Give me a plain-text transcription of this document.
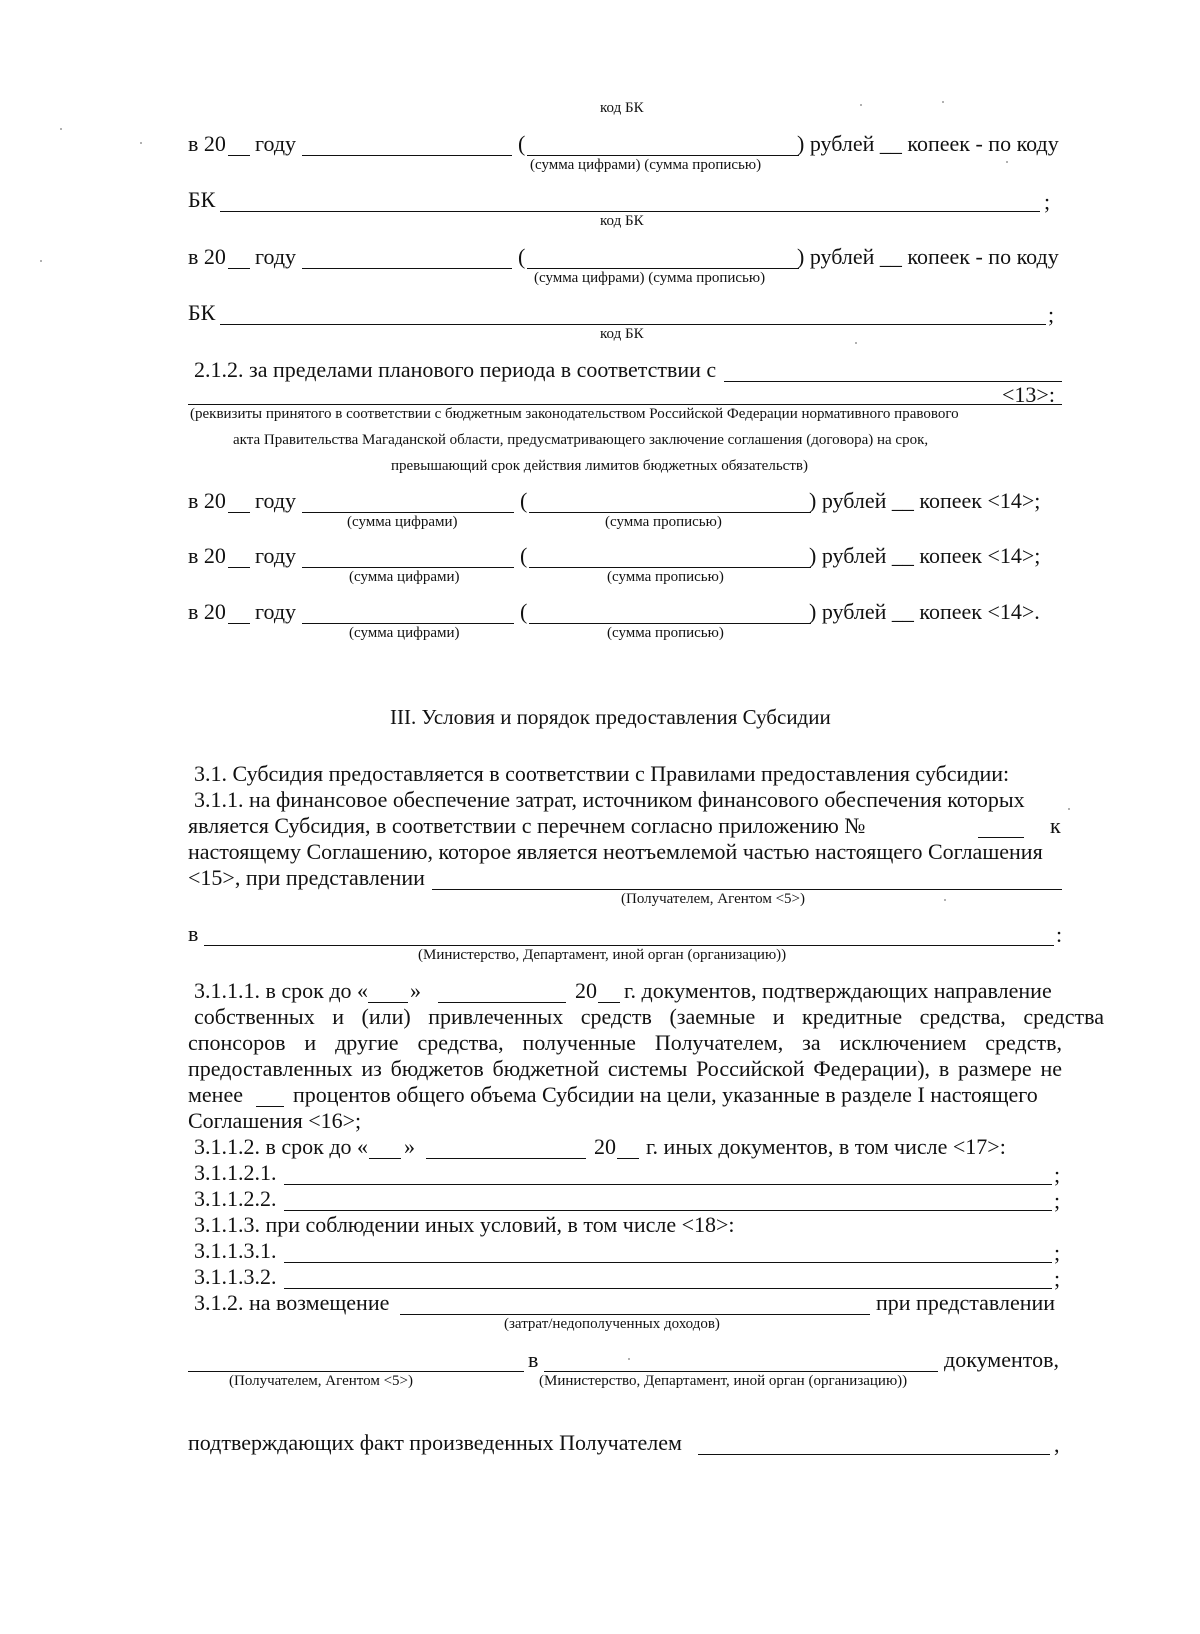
код БК
в 20 году	(	) рублей __ копеек - по коду
(сумма цифрами) (сумма прописью)
БК	;
код БК
в 20 году	(	) рублей __ копеек - по коду
(сумма цифрами) (сумма прописью)
БК	;
код БК
2.1.2. за пределами планового периода в соответствии с
<13>:
(реквизиты принятого в соответствии с бюджетным законодательством Российской Федерации нормативного правового
акта Правительства Магаданской области, предусматривающего заключение соглашения (договора) на срок,
превышающий срок действия лимитов бюджетных обязательств)
в 20 году	(	) рублей __ копеек <14>;
(сумма цифрами)	(сумма прописью)
в 20 году	(	) рублей __ копеек <14>;
(сумма цифрами)	(сумма прописью)
в 20 году	(	) рублей __ копеек <14>.
(сумма цифрами)	(сумма прописью)
III. Условия и порядок предоставления Субсидии
3.1. Субсидия предоставляется в соответствии с Правилами предоставления субсидии:
3.1.1. на финансовое обеспечение затрат, источником финансового обеспечения которых
является Субсидия, в соответствии с перечнем согласно приложению №	к
настоящему Соглашению, которое является неотъемлемой частью настоящего Соглашения
<15>, при представлении
(Получателем, Агентом <5>)
в	:
(Министерство, Департамент, иной орган (организацию))
3.1.1.1. в срок до « »	20 г. документов, подтверждающих направление
собственных и (или) привлеченных средств (заемные и кредитные средства, средства
спонсоров и другие средства, полученные Получателем, за исключением средств,
предоставленных из бюджетов бюджетной системы Российской Федерации), в размере не
менее процентов общего объема Субсидии на цели, указанные в разделе I настоящего
Соглашения <16>;
3.1.1.2. в срок до « »	20 г. иных документов, в том числе <17>:
3.1.1.2.1.	;
3.1.1.2.2.	;
3.1.1.3. при соблюдении иных условий, в том числе <18>:
3.1.1.3.1.	;
3.1.1.3.2.	;
3.1.2. на возмещение	при представлении
(затрат/недополученных доходов)
в	документов,
(Получателем, Агентом <5>)	(Министерство, Департамент, иной орган (организацию))
подтверждающих факт произведенных Получателем	,
